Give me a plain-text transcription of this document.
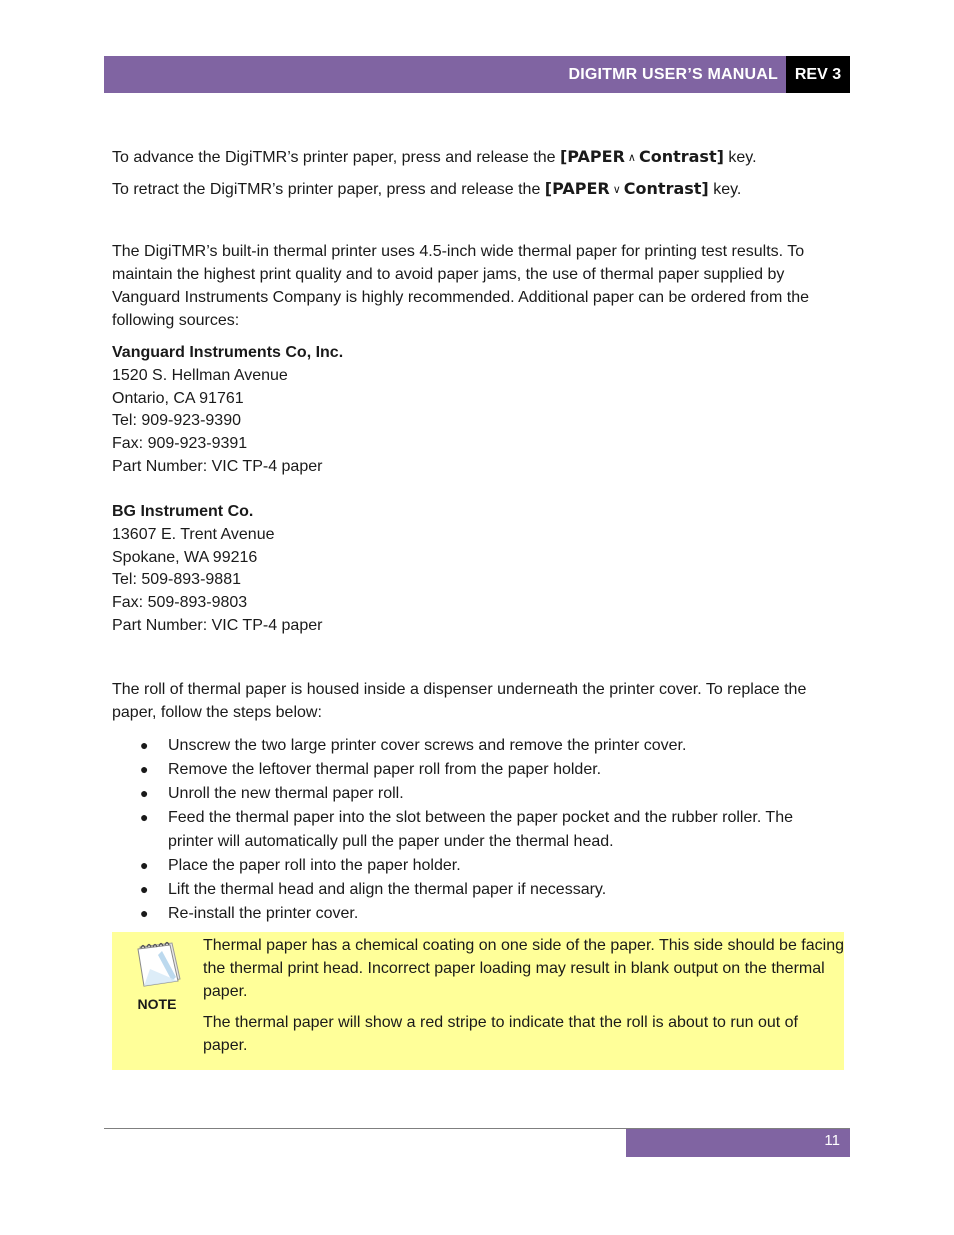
DIGITMR USER’S MANUAL	REV 3

To advance the DigiTMR’s printer paper, press and release the [PAPER ∧ Contrast] key.

To retract the DigiTMR’s printer paper, press and release the [PAPER ∨ Contrast] key.

The DigiTMR’s built-in thermal printer uses 4.5-inch wide thermal paper for printing test results. To maintain the highest print quality and to avoid paper jams, the use of thermal paper supplied by Vanguard Instruments Company is highly recommended. Additional paper can be ordered from the following sources:

Vanguard Instruments Co, Inc.
1520 S. Hellman Avenue
Ontario, CA 91761
Tel: 909-923-9390
Fax: 909-923-9391
Part Number: VIC TP-4 paper
BG Instrument Co.
13607 E. Trent Avenue
Spokane, WA 99216
Tel: 509-893-9881
Fax: 509-893-9803
Part Number: VIC TP-4 paper

The roll of thermal paper is housed inside a dispenser underneath the printer cover. To replace the paper, follow the steps below:

● Unscrew the two large printer cover screws and remove the printer cover.
● Remove the leftover thermal paper roll from the paper holder.
● Unroll the new thermal paper roll.
● Feed the thermal paper into the slot between the paper pocket and the rubber roller. The printer will automatically pull the paper under the thermal head.
● Place the paper roll into the paper holder.
● Lift the thermal head and align the thermal paper if necessary.
● Re-install the printer cover.
NOTE

Thermal paper has a chemical coating on one side of the paper. This side should be facing the thermal print head. Incorrect paper loading may result in blank output on the thermal paper.

The thermal paper will show a red stripe to indicate that the roll is about to run out of paper.

11
